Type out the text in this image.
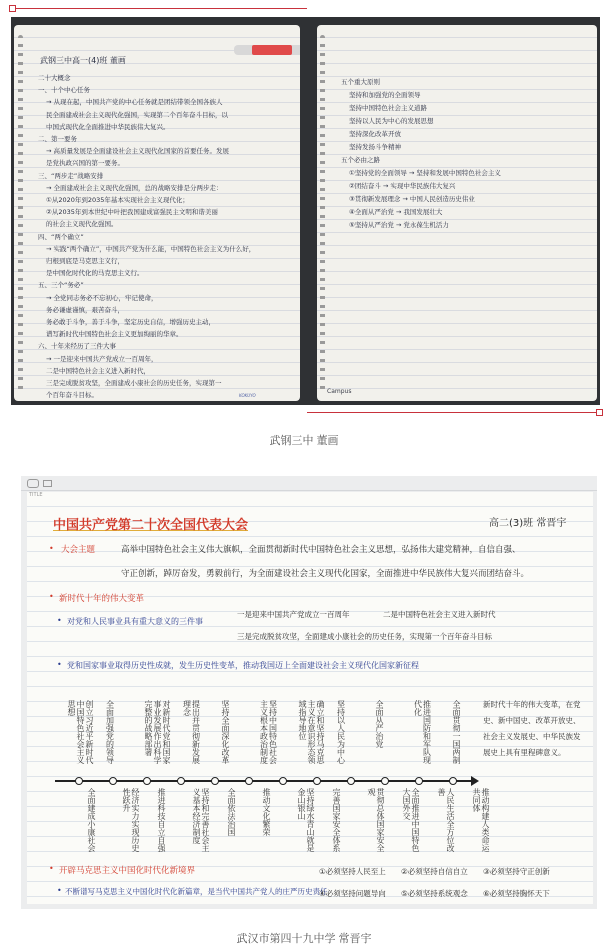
武钢三中高一(4)班 董画
二十大概念
一、十个中心任务
→ 从现在起，中国共产党的中心任务就是团结带领全国各族人
民全面建成社会主义现代化强国，实现第二个百年奋斗目标，以
中国式现代化全面推进中华民族伟大复兴。
二、第一要务
→ 高质量发展是全面建设社会主义现代化国家的首要任务。发展
是党执政兴国的第一要务。
三、“两步走”战略安排
→ 全面建成社会主义现代化强国，总的战略安排是分两步走：
①从2020年到2035年基本实现社会主义现代化；
②从2035年到本世纪中叶把我国建成富强民主文明和谐美丽
的社会主义现代化强国。
四、“两个确立”
→ 实践“两个确立”，中国共产党为什么能，中国特色社会主义为什么好，
归根到底是马克思主义行，
是中国化时代化的马克思主义行。
五、三个“务必”
→ 全党同志务必不忘初心，牢记使命，
务必谦虚谨慎，艰苦奋斗，
务必敢于斗争，善于斗争，坚定历史自信，增强历史主动，
谱写新时代中国特色社会主义更加绚丽的华章。
六、十年来经历了三件大事
→ 一是迎来中国共产党成立一百周年，
二是中国特色社会主义进入新时代，
三是完成脱贫攻坚，全面建成小康社会的历史任务，实现第一
个百年奋斗目标。	KOKUYO
五个重大原则
坚持和加强党的全面领导
坚持中国特色社会主义道路
坚持以人民为中心的发展思想
坚持深化改革开放
坚持发扬斗争精神
五个必由之路
①坚持党的全面领导 → 坚持和发展中国特色社会主义
②团结奋斗 → 实现中华民族伟大复兴
③贯彻新发展理念 → 中国人民创造历史伟业
④全面从严治党 → 我国发展壮大
⑤坚持从严治党 → 党永葆生机活力
Campus
武钢三中 董画
TITLE
中国共产党第二十次全国代表大会	高二(3)班 常晋宇
• 大会主题	高举中国特色社会主义伟大旗帜，全面贯彻新时代中国特色社会主义思想，弘扬伟大建党精神，自信自强、
守正创新，踔厉奋发，勇毅前行，为全面建设社会主义现代化国家，全面推进中华民族伟大复兴而团结奋斗。
• 新时代十年的伟大变革
• 对党和人民事业具有重大意义的三件事
一是迎来中国共产党成立一百周年	二是中国特色社会主义进入新时代
三是完成脱贫攻坚，全面建成小康社会的历史任务，实现第一个百年奋斗目标
• 党和国家事业取得历史性成就，发生历史性变革，推动我国迈上全面建设社会主义现代化国家新征程
创立习近平新时代中国特色社会主义思想	全面加强党的领导	对新时代党和国家事业发展作出科学完整的战略部署	提出并贯彻新发展理念	坚持全面深化改革	坚持中国特色社会主义根本政治制度	确立和坚持马克思主义在意识形态领域指导地位	坚持以人民为中心	全面从严治党	推进国防和军队现代化	全面贯彻一国两制
全面建成小康社会	经济实力实现历史性跃升	推进科技自立自强	坚持和完善社会主义基本经济制度	全面依法治国	推动文化繁荣	坚持绿水青山就是金山银山	完善国家安全体系	贯彻总体国家安全观	全面推进中国特色大国外交	人民生活全方位改善	推动构建人类命运共同体
新时代十年的伟大变革，在党史、新中国史、改革开放史、社会主义发展史、中华民族发展史上具有里程碑意义。
• 开辟马克思主义中国化时代化新境界	①必须坚持人民至上 ②必须坚持自信自立 ③必须坚持守正创新
• 不断谱写马克思主义中国化时代化新篇章，是当代中国共产党人的庄严历史责任
④必须坚持问题导向 ⑤必须坚持系统观念 ⑥必须坚持胸怀天下
武汉市第四十九中学 常晋宇
